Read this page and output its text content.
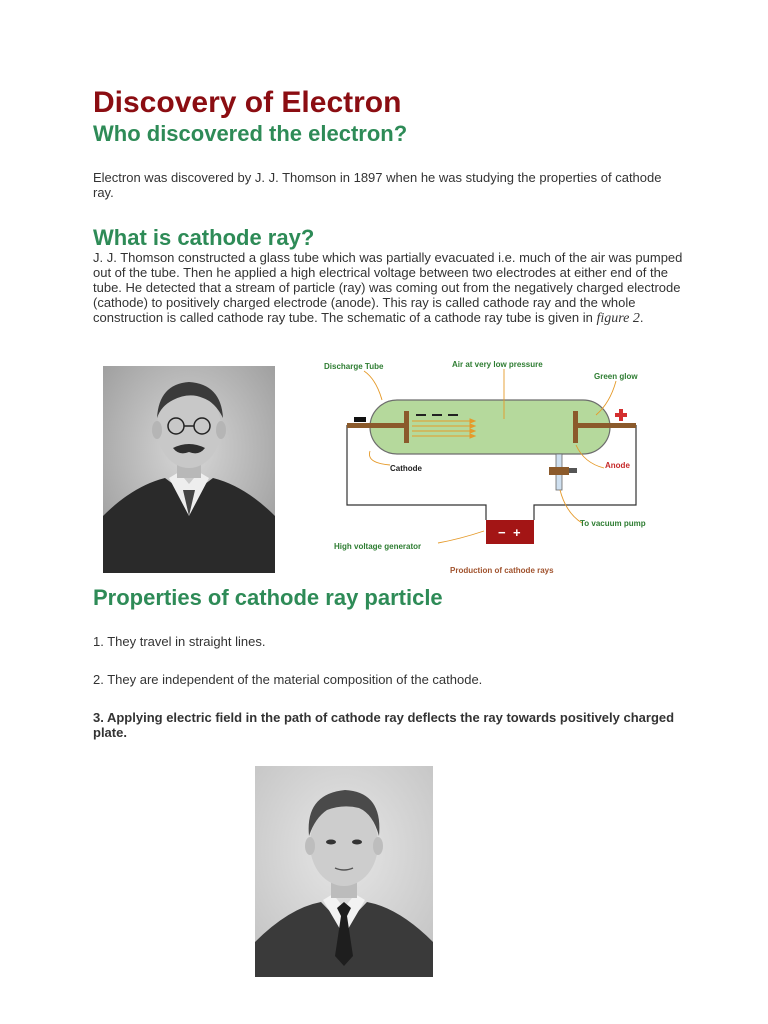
Discovery of Electron
Who discovered the electron?

Electron was discovered by J. J. Thomson in 1897 when he was studying the properties of cathode ray.

What is cathode ray?

J. J. Thomson constructed a glass tube which was partially evacuated i.e. much of the air was pumped out of the tube. Then he applied a high electrical voltage between two electrodes at either end of the tube. He detected that a stream of particle (ray) was coming out from the negatively charged electrode (cathode) to positively charged electrode (anode). This ray is called cathode ray and the whole construction is called cathode ray tube. The schematic of a cathode ray tube is given in figure 2.

− +
Discharge Tube	Air at very low pressure
Green glow
Cathode	Anode
To vacuum pump
High voltage generator
Production of cathode rays
Properties of cathode ray particle

1. They travel in straight lines.

2. They are independent of the material composition of the cathode.

3. Applying electric field in the path of cathode ray deflects the ray towards positively charged plate.
